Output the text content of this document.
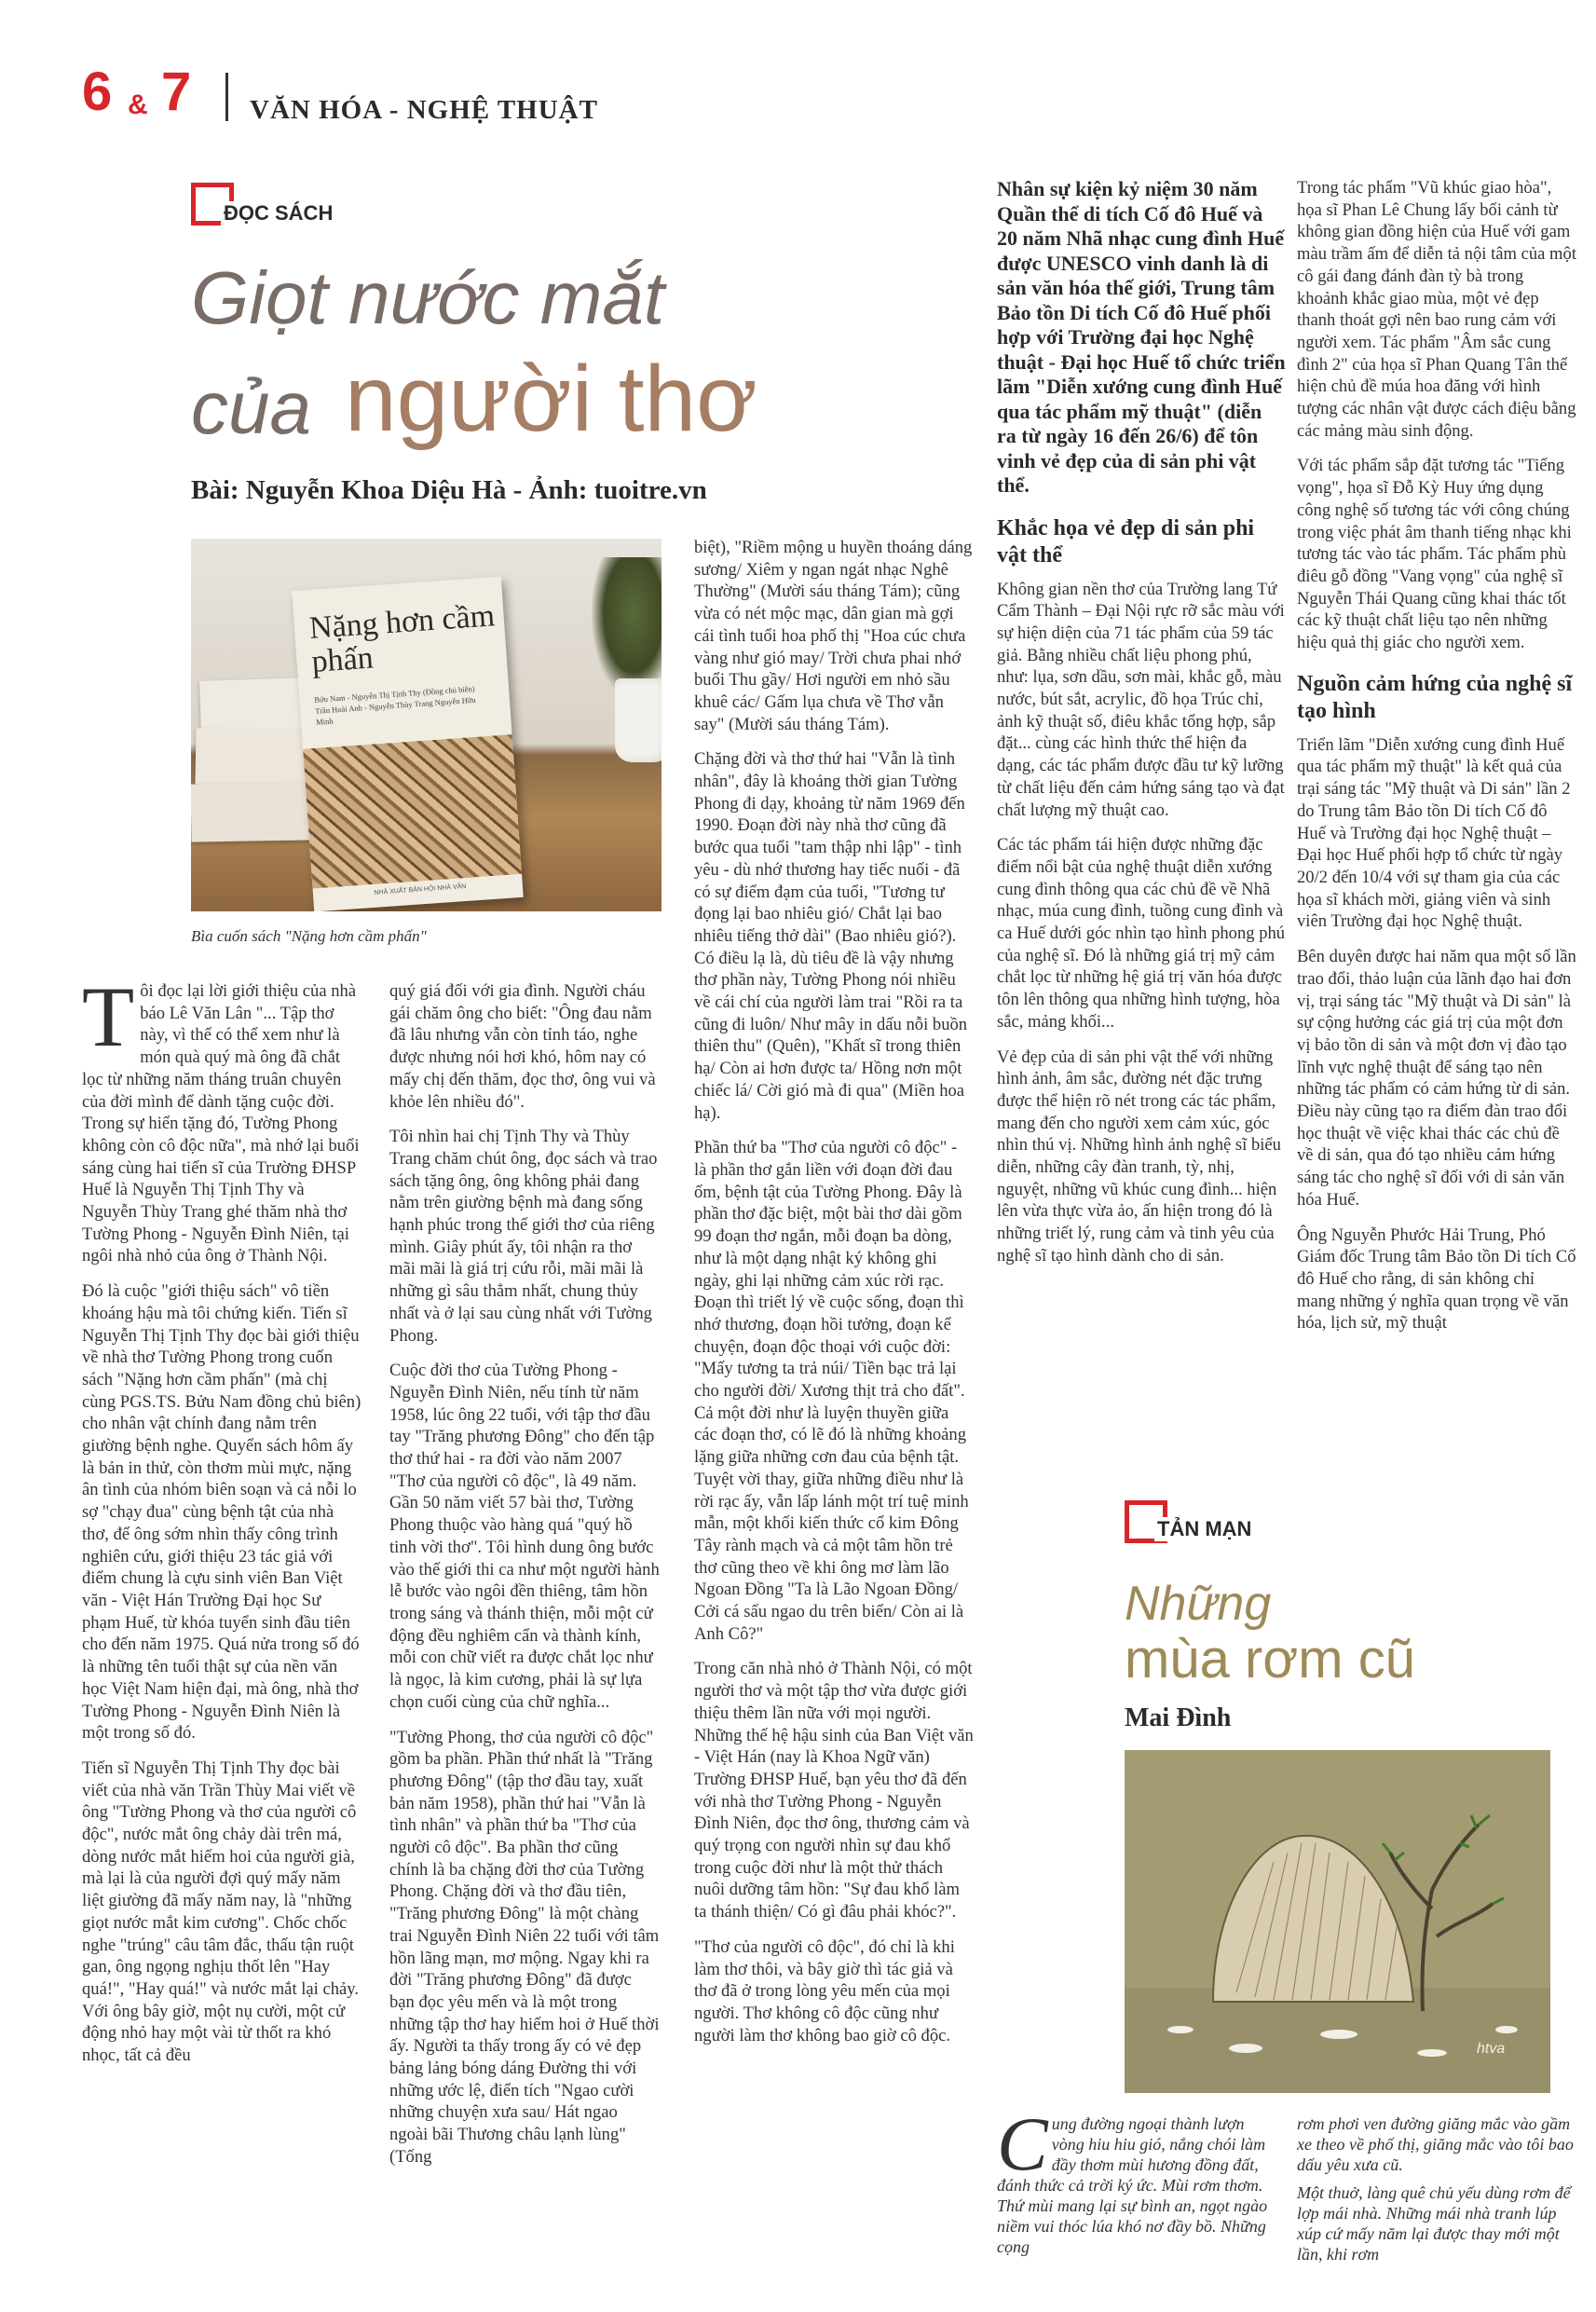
6 & 7 VĂN HÓA - NGHỆ THUẬT
ĐỌC SÁCH
Giọt nước mắt
của người thơ
Bài: Nguyễn Khoa Diệu Hà - Ảnh: tuoitre.vn
Nặng hơn cầm phấn
Bửu Nam - Nguyễn Thị Tịnh Thy (Đồng chủ biên) Trần Hoài Anh - Nguyễn Thùy Trang Nguyễn Hữu Minh
NHÀ XUẤT BẢN HỘI NHÀ VĂN
Bìa cuốn sách "Nặng hơn cầm phấn"

Tôi đọc lại lời giới thiệu của nhà báo Lê Văn Lân "... Tập thơ này, vì thế có thể xem như là món quà quý mà ông đã chắt lọc từ những năm tháng truân chuyên của đời mình để dành tặng cuộc đời. Trong sự hiển tặng đó, Tường Phong không còn cô độc nữa", mà nhớ lại buổi sáng cùng hai tiến sĩ của Trường ĐHSP Huế là Nguyễn Thị Tịnh Thy và Nguyễn Thùy Trang ghé thăm nhà thơ Tường Phong - Nguyễn Đình Niên, tại ngôi nhà nhỏ của ông ở Thành Nội.

Đó là cuộc "giới thiệu sách" vô tiền khoáng hậu mà tôi chứng kiến. Tiến sĩ Nguyễn Thị Tịnh Thy đọc bài giới thiệu về nhà thơ Tường Phong trong cuốn sách "Nặng hơn cầm phấn" (mà chị cùng PGS.TS. Bửu Nam đồng chủ biên) cho nhân vật chính đang nằm trên giường bệnh nghe. Quyển sách hôm ấy là bản in thử, còn thơm mùi mực, nặng ân tình của nhóm biên soạn và cả nỗi lo sợ "chạy đua" cùng bệnh tật của nhà thơ, để ông sớm nhìn thấy công trình nghiên cứu, giới thiệu 23 tác giả với điểm chung là cựu sinh viên Ban Việt văn - Việt Hán Trường Đại học Sư phạm Huế, từ khóa tuyển sinh đầu tiên cho đến năm 1975. Quá nửa trong số đó là những tên tuổi thật sự của nền văn học Việt Nam hiện đại, mà ông, nhà thơ Tường Phong - Nguyễn Đình Niên là một trong số đó.

Tiến sĩ Nguyễn Thị Tịnh Thy đọc bài viết của nhà văn Trần Thùy Mai viết về ông "Tường Phong và thơ của người cô độc", nước mắt ông chảy dài trên má, dòng nước mắt hiếm hoi của người già, mà lại là của người đợi quý mấy năm liệt giường đã mấy năm nay, là "những giọt nước mắt kim cương". Chốc chốc nghe "trúng" câu tâm đắc, thấu tận ruột gan, ông ngọng nghịu thốt lên "Hay quá!", "Hay quá!" và nước mắt lại chảy. Với ông bây giờ, một nụ cười, một cử động nhỏ hay một vài từ thốt ra khó nhọc, tất cả đều

quý giá đối với gia đình. Người cháu gái chăm ông cho biết: "Ông đau nằm đã lâu nhưng vẫn còn tỉnh táo, nghe được nhưng nói hơi khó, hôm nay có mấy chị đến thăm, đọc thơ, ông vui và khỏe lên nhiều đó".

Tôi nhìn hai chị Tịnh Thy và Thùy Trang chăm chút ông, đọc sách và trao sách tặng ông, ông không phải đang nằm trên giường bệnh mà đang sống hạnh phúc trong thế giới thơ của riêng mình. Giây phút ấy, tôi nhận ra thơ mãi mãi là giá trị cứu rỗi, mãi mãi là những gì sâu thẳm nhất, chung thủy nhất và ở lại sau cùng nhất với Tường Phong.

Cuộc đời thơ của Tường Phong - Nguyễn Đình Niên, nếu tính từ năm 1958, lúc ông 22 tuổi, với tập thơ đầu tay "Trăng phương Đông" cho đến tập thơ thứ hai - ra đời vào năm 2007 "Thơ của người cô độc", là 49 năm. Gần 50 năm viết 57 bài thơ, Tường Phong thuộc vào hàng quá "quý hồ tinh vời thơ". Tôi hình dung ông bước vào thế giới thi ca như một người hành lễ bước vào ngôi đền thiêng, tâm hồn trong sáng và thánh thiện, mỗi một cử động đều nghiêm cẩn và thành kính, mỗi con chữ viết ra được chắt lọc như là ngọc, là kim cương, phải là sự lựa chọn cuối cùng của chữ nghĩa...

"Tường Phong, thơ của người cô độc" gồm ba phần. Phần thứ nhất là "Trăng phương Đông" (tập thơ đầu tay, xuất bản năm 1958), phần thứ hai "Vẫn là tình nhân" và phần thứ ba "Thơ của người cô độc". Ba phần thơ cũng chính là ba chặng đời thơ của Tường Phong. Chặng đời và thơ đầu tiên, "Trăng phương Đông" là một chàng trai Nguyễn Đình Niên 22 tuổi với tâm hồn lãng mạn, mơ mộng. Ngay khi ra đời "Trăng phương Đông" đã được bạn đọc yêu mến và là một trong những tập thơ hay hiếm hoi ở Huế thời ấy. Người ta thấy trong ấy có vẻ đẹp bảng lảng bóng dáng Đường thi với những ước lệ, điển tích "Ngao cười những chuyện xưa sau/ Hát ngao ngoài bãi Thương châu lạnh lùng" (Tống

biệt), "Riềm mộng u huyền thoáng dáng sương/ Xiêm y ngan ngát nhạc Nghê Thường" (Mười sáu tháng Tám); cũng vừa có nét mộc mạc, dân gian mà gợi cái tình tuổi hoa phố thị "Hoa cúc chưa vàng như gió may/ Trời chưa phai nhớ buổi Thu gầy/ Hơi người em nhỏ sầu khuê các/ Gấm lụa chưa về Thơ vẫn say" (Mười sáu tháng Tám).

Chặng đời và thơ thứ hai "Vẫn là tình nhân", đây là khoảng thời gian Tường Phong đi dạy, khoảng từ năm 1969 đến 1990. Đoạn đời này nhà thơ cũng đã bước qua tuổi "tam thập nhi lập" - tình yêu - dù nhớ thương hay tiếc nuối - đã có sự điểm đạm của tuổi, "Tương tư đọng lại bao nhiêu gió/ Chắt lại bao nhiêu tiếng thở dài" (Bao nhiêu gió?). Có điều lạ là, dù tiêu đề là vậy nhưng thơ phần này, Tường Phong nói nhiều về cái chí của người làm trai "Rồi ra ta cũng đi luôn/ Như mây in dấu nỗi buồn thiên thu" (Quên), "Khất sĩ trong thiên hạ/ Còn ai hơn được ta/ Hồng nơn một chiếc lá/ Cời gió mà đi qua" (Miền hoa hạ).

Phần thứ ba "Thơ của người cô độc" - là phần thơ gắn liền với đoạn đời đau ốm, bệnh tật của Tường Phong. Đây là phần thơ đặc biệt, một bài thơ dài gồm 99 đoạn thơ ngắn, mỗi đoạn ba dòng, như là một dạng nhật ký không ghi ngày, ghi lại những cảm xúc rời rạc. Đoạn thì triết lý về cuộc sống, đoạn thì nhớ thương, đoạn hồi tưởng, đoạn kể chuyện, đoạn độc thoại với cuộc đời: "Mấy tương ta trả núi/ Tiền bạc trả lại cho người đời/ Xương thịt trả cho đất". Cả một đời như là luyện thuyền giữa các đoạn thơ, có lẽ đó là những khoảng lặng giữa những cơn đau của bệnh tật. Tuyệt vời thay, giữa những điều như là rời rạc ấy, vẫn lấp lánh một trí tuệ minh mẫn, một khối kiến thức cổ kim Đông Tây rành mạch và cả một tâm hồn trẻ thơ cũng theo về khi ông mơ làm lão Ngoan Đồng "Ta là Lão Ngoan Đồng/ Cởi cá sấu ngao du trên biển/ Còn ai là Anh Cô?"

Trong căn nhà nhỏ ở Thành Nội, có một người thơ và một tập thơ vừa được giới thiệu thêm lần nữa với mọi người. Những thế hệ hậu sinh của Ban Việt văn - Việt Hán (nay là Khoa Ngữ văn) Trường ĐHSP Huế, bạn yêu thơ đã đến với nhà thơ Tường Phong - Nguyễn Đình Niên, đọc thơ ông, thương cảm và quý trọng con người nhìn sự đau khổ trong cuộc đời như là một thử thách nuôi dưỡng tâm hồn: "Sự đau khổ làm ta thánh thiện/ Có gì đâu phải khóc?".

"Thơ của người cô độc", đó chỉ là khi làm thơ thôi, và bây giờ thì tác giả và thơ đã ở trong lòng yêu mến của mọi người. Thơ không cô độc cũng như người làm thơ không bao giờ cô độc.

Nhân sự kiện kỷ niệm 30 năm Quần thể di tích Cố đô Huế và 20 năm Nhã nhạc cung đình Huế được UNESCO vinh danh là di sản văn hóa thế giới, Trung tâm Bảo tồn Di tích Cố đô Huế phối hợp với Trường đại học Nghệ thuật - Đại học Huế tổ chức triển lãm "Diễn xướng cung đình Huế qua tác phẩm mỹ thuật" (diễn ra từ ngày 16 đến 26/6) để tôn vinh vẻ đẹp của di sản phi vật thể.

Khắc họa vẻ đẹp di sản phi vật thể

Không gian nền thơ của Trường lang Tứ Cẩm Thành – Đại Nội rực rỡ sắc màu với sự hiện diện của 71 tác phẩm của 59 tác giả. Bằng nhiều chất liệu phong phú, như: lụa, sơn dầu, sơn mài, khắc gỗ, màu nước, bút sắt, acrylic, đồ họa Trúc chỉ, ảnh kỹ thuật số, điêu khắc tổng hợp, sắp đặt... cùng các hình thức thể hiện đa dạng, các tác phẩm được đầu tư kỹ lưỡng từ chất liệu đến cảm hứng sáng tạo và đạt chất lượng mỹ thuật cao.

Các tác phẩm tái hiện được những đặc điểm nổi bật của nghệ thuật diễn xướng cung đình thông qua các chủ đề về Nhã nhạc, múa cung đình, tuồng cung đình và ca Huế dưới góc nhìn tạo hình phong phú của nghệ sĩ. Đó là những giá trị mỹ cảm chắt lọc từ những hệ giá trị văn hóa được tôn lên thông qua những hình tượng, hòa sắc, mảng khối...

Vẻ đẹp của di sản phi vật thể với những hình ảnh, âm sắc, đường nét đặc trưng được thể hiện rõ nét trong các tác phẩm, mang đến cho người xem cảm xúc, góc nhìn thú vị. Những hình ảnh nghệ sĩ biểu diễn, những cây đàn tranh, tỳ, nhị, nguyệt, những vũ khúc cung đình... hiện lên vừa thực vừa ảo, ấn hiện trong đó là những triết lý, rung cảm và tinh yêu của nghệ sĩ tạo hình dành cho di sản.

Trong tác phẩm "Vũ khúc giao hòa", họa sĩ Phan Lê Chung lấy bối cảnh từ không gian đồng hiện của Huế với gam màu trầm ấm để diễn tả nội tâm của một cô gái đang đánh đàn tỳ bà trong khoảnh khắc giao mùa, một vẻ đẹp thanh thoát gợi nên bao rung cảm với người xem. Tác phẩm "Âm sắc cung đình 2" của họa sĩ Phan Quang Tân thể hiện chủ đề múa hoa đăng với hình tượng các nhân vật được cách điệu bằng các mảng màu sinh động.

Với tác phẩm sắp đặt tương tác "Tiếng vọng", họa sĩ Đỗ Kỳ Huy ứng dụng công nghệ số tương tác với công chúng trong việc phát âm thanh tiếng nhạc khi tương tác vào tác phẩm. Tác phẩm phù điêu gỗ đồng "Vang vọng" của nghệ sĩ Nguyễn Thái Quang cũng khai thác tốt các kỹ thuật chất liệu tạo nên những hiệu quả thị giác cho người xem.

Nguồn cảm hứng của nghệ sĩ tạo hình

Triển lãm "Diễn xướng cung đình Huế qua tác phẩm mỹ thuật" là kết quả của trại sáng tác "Mỹ thuật và Di sản" lần 2 do Trung tâm Bảo tồn Di tích Cố đô Huế và Trường đại học Nghệ thuật – Đại học Huế phối hợp tổ chức từ ngày 20/2 đến 10/4 với sự tham gia của các họa sĩ khách mời, giảng viên và sinh viên Trường đại học Nghệ thuật.

Bên duyên được hai năm qua một số lần trao đổi, thảo luận của lãnh đạo hai đơn vị, trại sáng tác "Mỹ thuật và Di sản" là sự cộng hưởng các giá trị của một đơn vị bảo tồn di sản và một đơn vị đào tạo lĩnh vực nghệ thuật để sáng tạo nên những tác phẩm có cảm hứng từ di sản. Điều này cũng tạo ra điểm đàn trao đổi học thuật về việc khai thác các chủ đề về di sản, qua đó tạo nhiều cảm hứng sáng tác cho nghệ sĩ đối với di sản văn hóa Huế.

Ông Nguyễn Phước Hải Trung, Phó Giám đốc Trung tâm Bảo tồn Di tích Cố đô Huế cho rằng, di sản không chỉ mang những ý nghĩa quan trọng về văn hóa, lịch sử, mỹ thuật

TẢN MẠN
Những
mùa rơm cũ
Mai Đình
htva

Cung đường ngoại thành lượn vòng hiu hiu gió, nắng chói làm đầy thơm mùi hương đồng đất, đánh thức cả trời ký ức. Mùi rơm thơm. Thứ mùi mang lại sự bình an, ngọt ngào niềm vui thóc lúa khó nơ đầy bồ. Những cọng

rơm phơi ven đường giăng mắc vào gầm xe theo về phố thị, giăng mắc vào tôi bao dấu yêu xưa cũ.

Một thuở, làng quê chủ yếu dùng rơm để lợp mái nhà. Những mái nhà tranh lúp xúp cứ mấy năm lại được thay mới một lần, khi rơm
